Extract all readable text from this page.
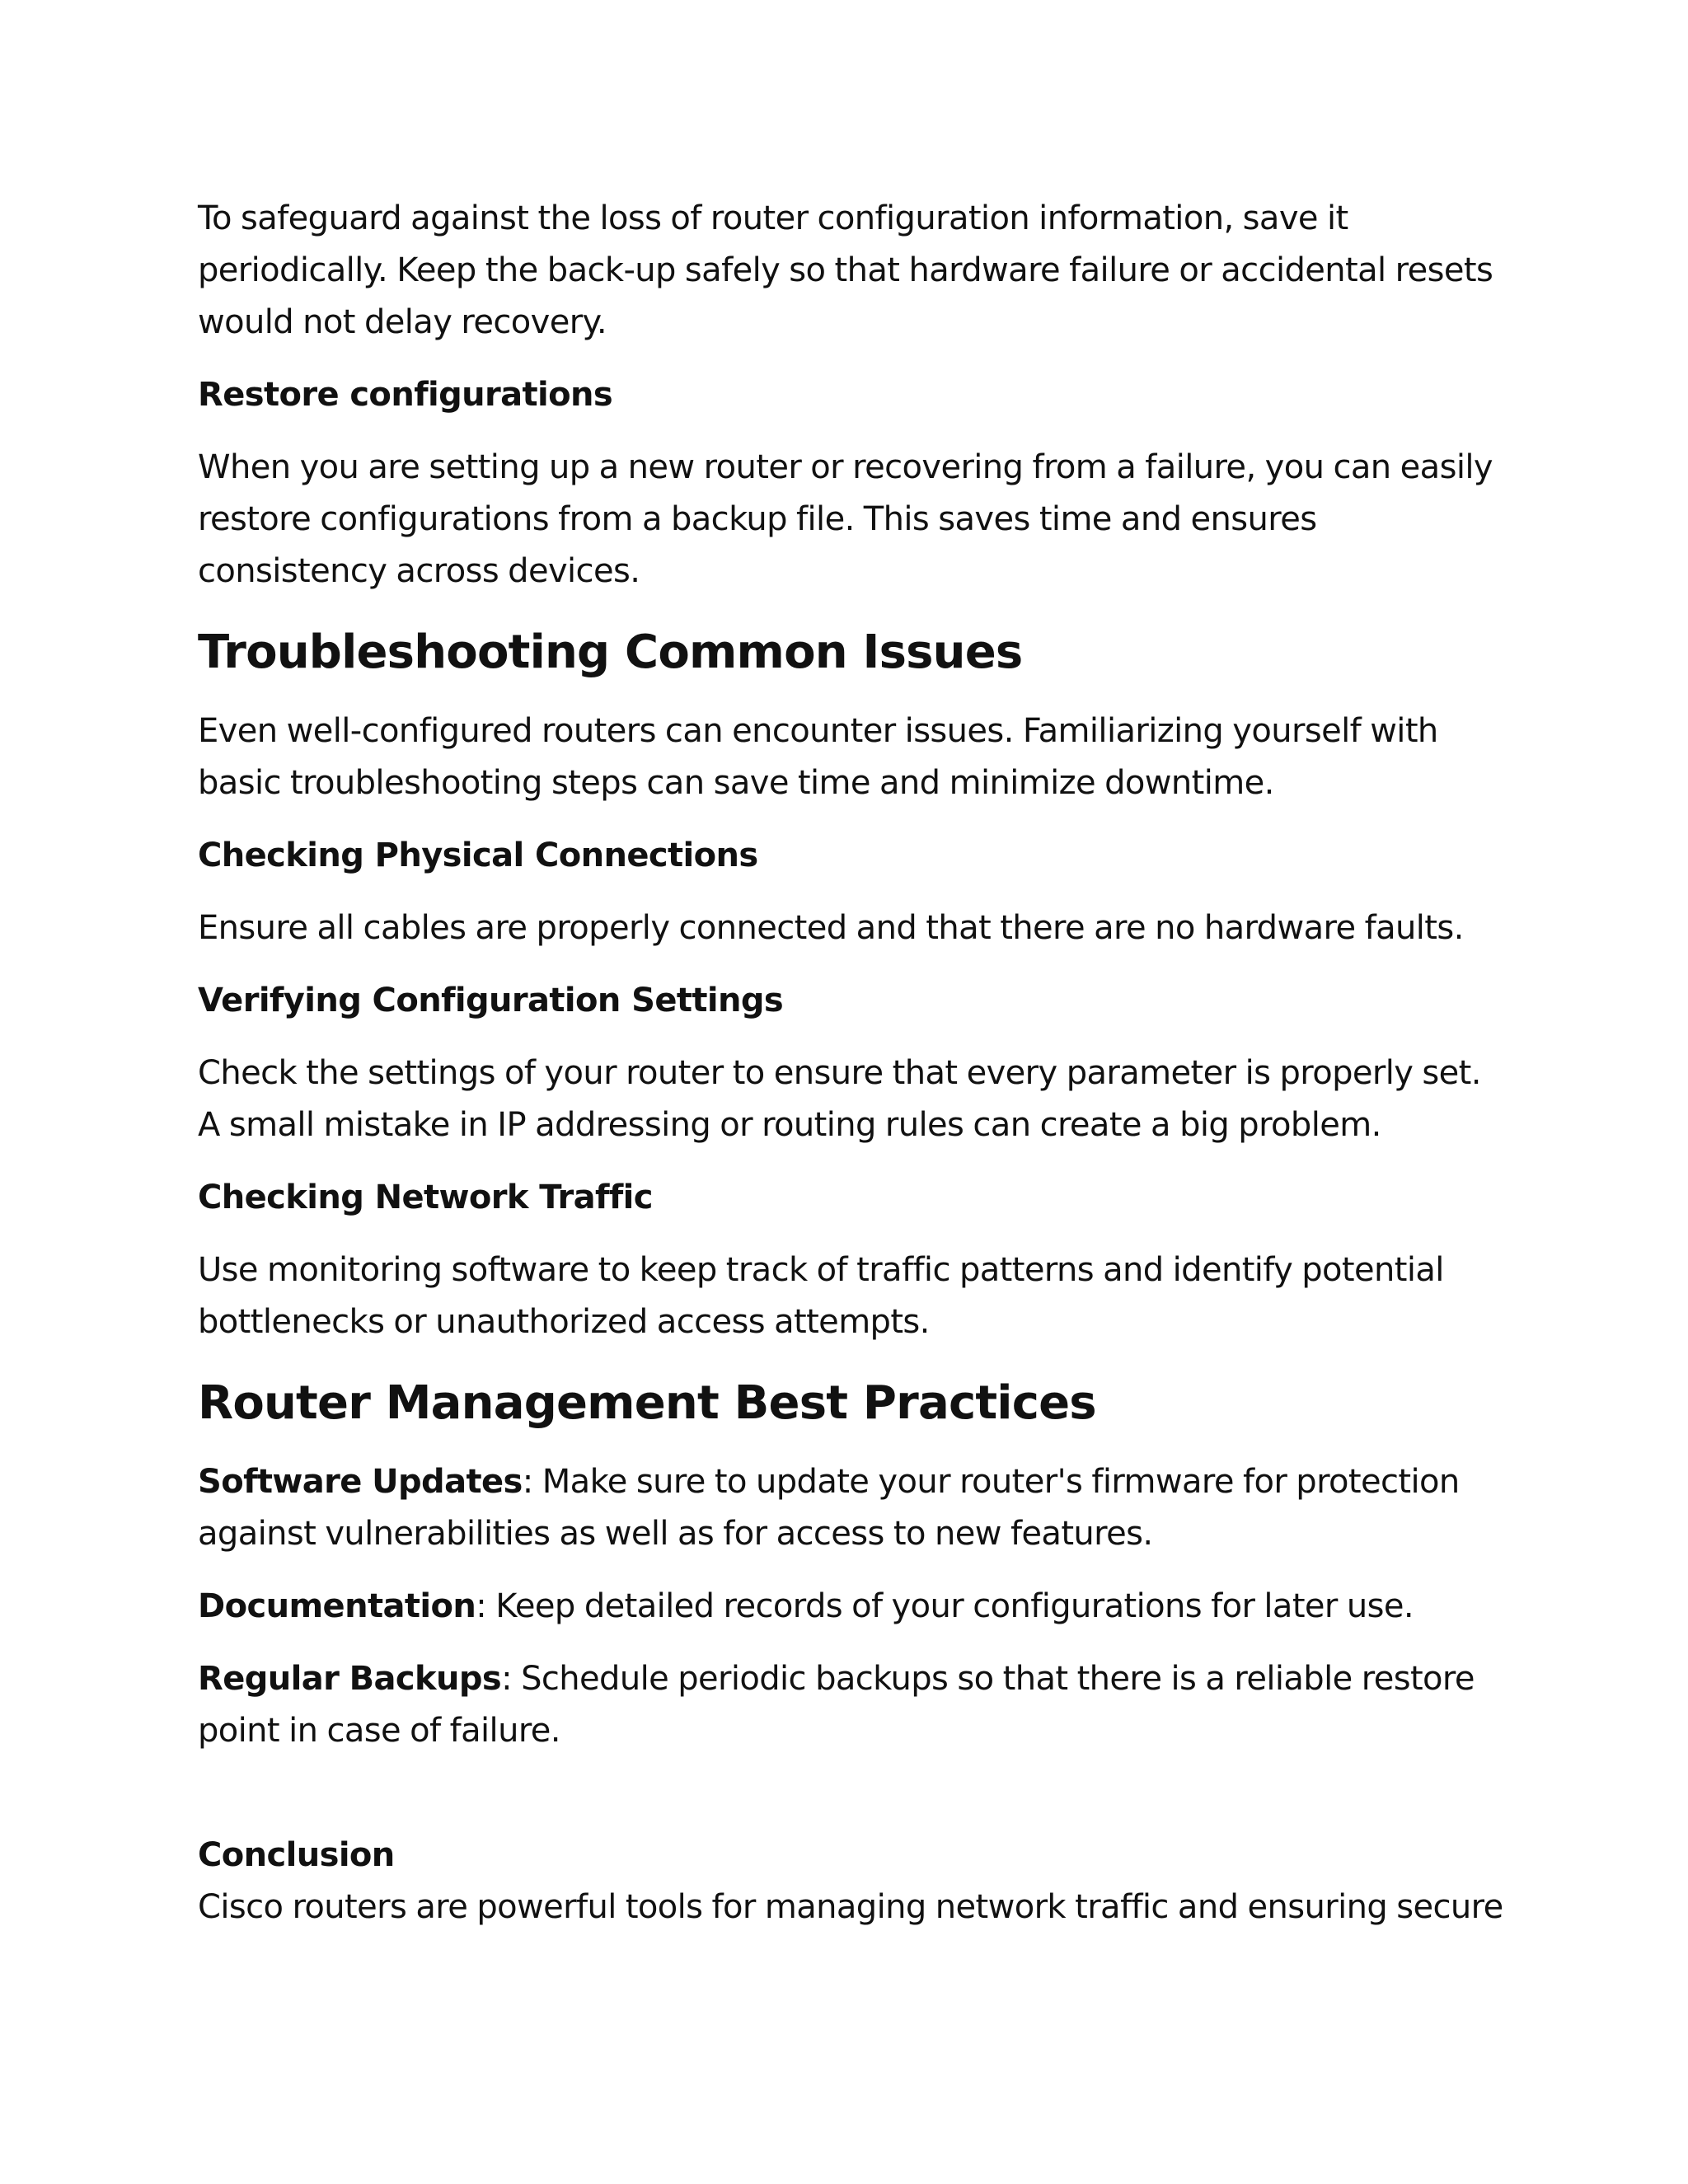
To safeguard against the loss of router configuration information, save it periodically. Keep the back-up safely so that hardware failure or accidental resets would not delay recovery.

Restore configurations

When you are setting up a new router or recovering from a failure, you can easily restore configurations from a backup file. This saves time and ensures consistency across devices.

Troubleshooting Common Issues

Even well-configured routers can encounter issues. Familiarizing yourself with basic troubleshooting steps can save time and minimize downtime.

Checking Physical Connections

Ensure all cables are properly connected and that there are no hardware faults.

Verifying Configuration Settings

Check the settings of your router to ensure that every parameter is properly set. A small mistake in IP addressing or routing rules can create a big problem.

Checking Network Traffic

Use monitoring software to keep track of traffic patterns and identify potential bottlenecks or unauthorized access attempts.

Router Management Best Practices

Software Updates: Make sure to update your router's firmware for protection against vulnerabilities as well as for access to new features.

Documentation: Keep detailed records of your configurations for later use.

Regular Backups: Schedule periodic backups so that there is a reliable restore point in case of failure.

Conclusion

Cisco routers are powerful tools for managing network traffic and ensuring secure
